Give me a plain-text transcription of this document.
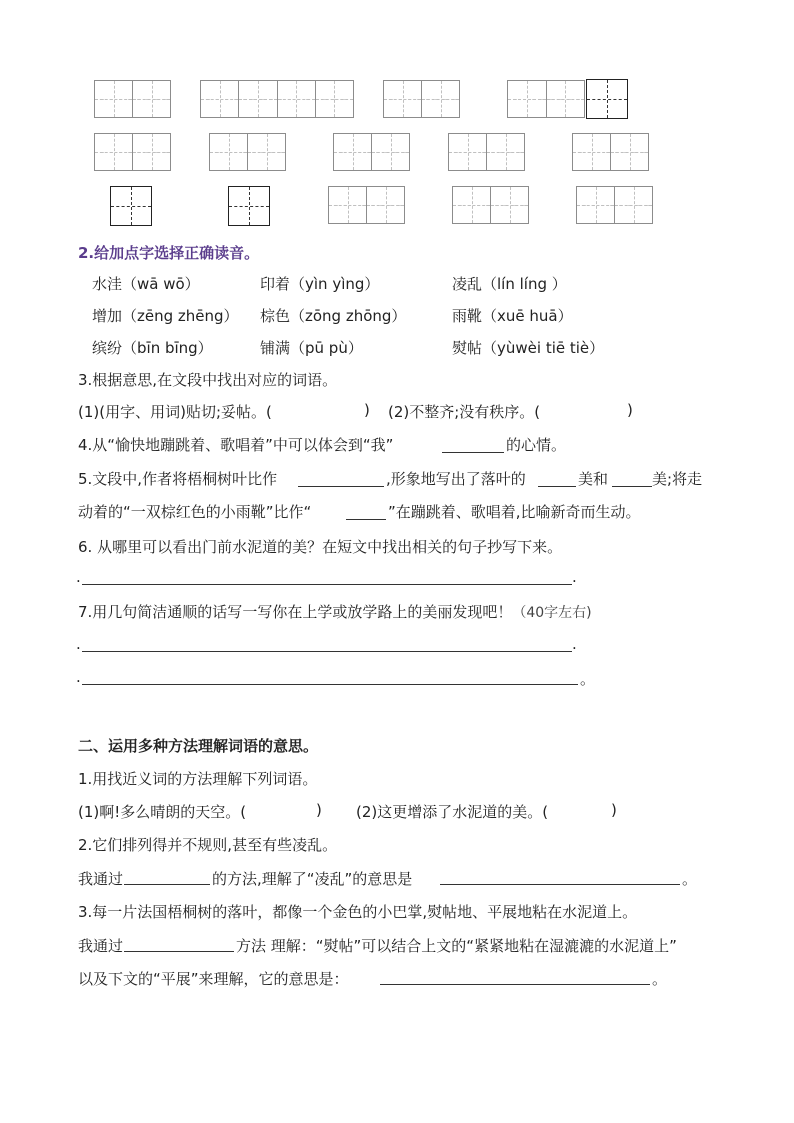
2.给加点字选择正确读音。
水洼（wā wō）	印着（yìn yìng）	凌乱（lín líng ）
增加（zēng zhēng） 棕色（zōng zhōng）	雨靴（xuē huā）
缤纷（bīn bīng）	铺满（pū pù）	熨帖（yùwèi tiē tiè）
3.根据意思,在文段中找出对应的词语。
(1)(用字、用词)贴切;妥帖。(	) (2)不整齐;没有秩序。(	)
4.从“愉快地蹦跳着、歌唱着”中可以体会到“我”	的心情。
5.文段中,作者将梧桐树叶比作	,形象地写出了落叶的	美和	美;将走
动着的“一双棕红色的小雨靴”比作“	”在蹦跳着、歌唱着,比喻新奇而生动。
6. 从哪里可以看出门前水泥道的美？在短文中找出相关的句子抄写下来。
.	.
7.用几句简洁通顺的话写一写你在上学或放学路上的美丽发现吧！（40字左右)
.	.
.	。
二、运用多种方法理解词语的意思。
1.用找近义词的方法理解下列词语。
(1)啊!多么晴朗的天空。(	) (2)这更增添了水泥道的美。(	)
2.它们排列得并不规则,甚至有些凌乱。
我通过	的方法,理解了“凌乱”的意思是	。
3.每一片法国梧桐树的落叶，都像一个金色的小巴掌,熨帖地、平展地粘在水泥道上。
我通过	方法 理解：“熨帖”可以结合上文的“紧紧地粘在湿漉漉的水泥道上”
以及下文的“平展”来理解，它的意思是：	。
